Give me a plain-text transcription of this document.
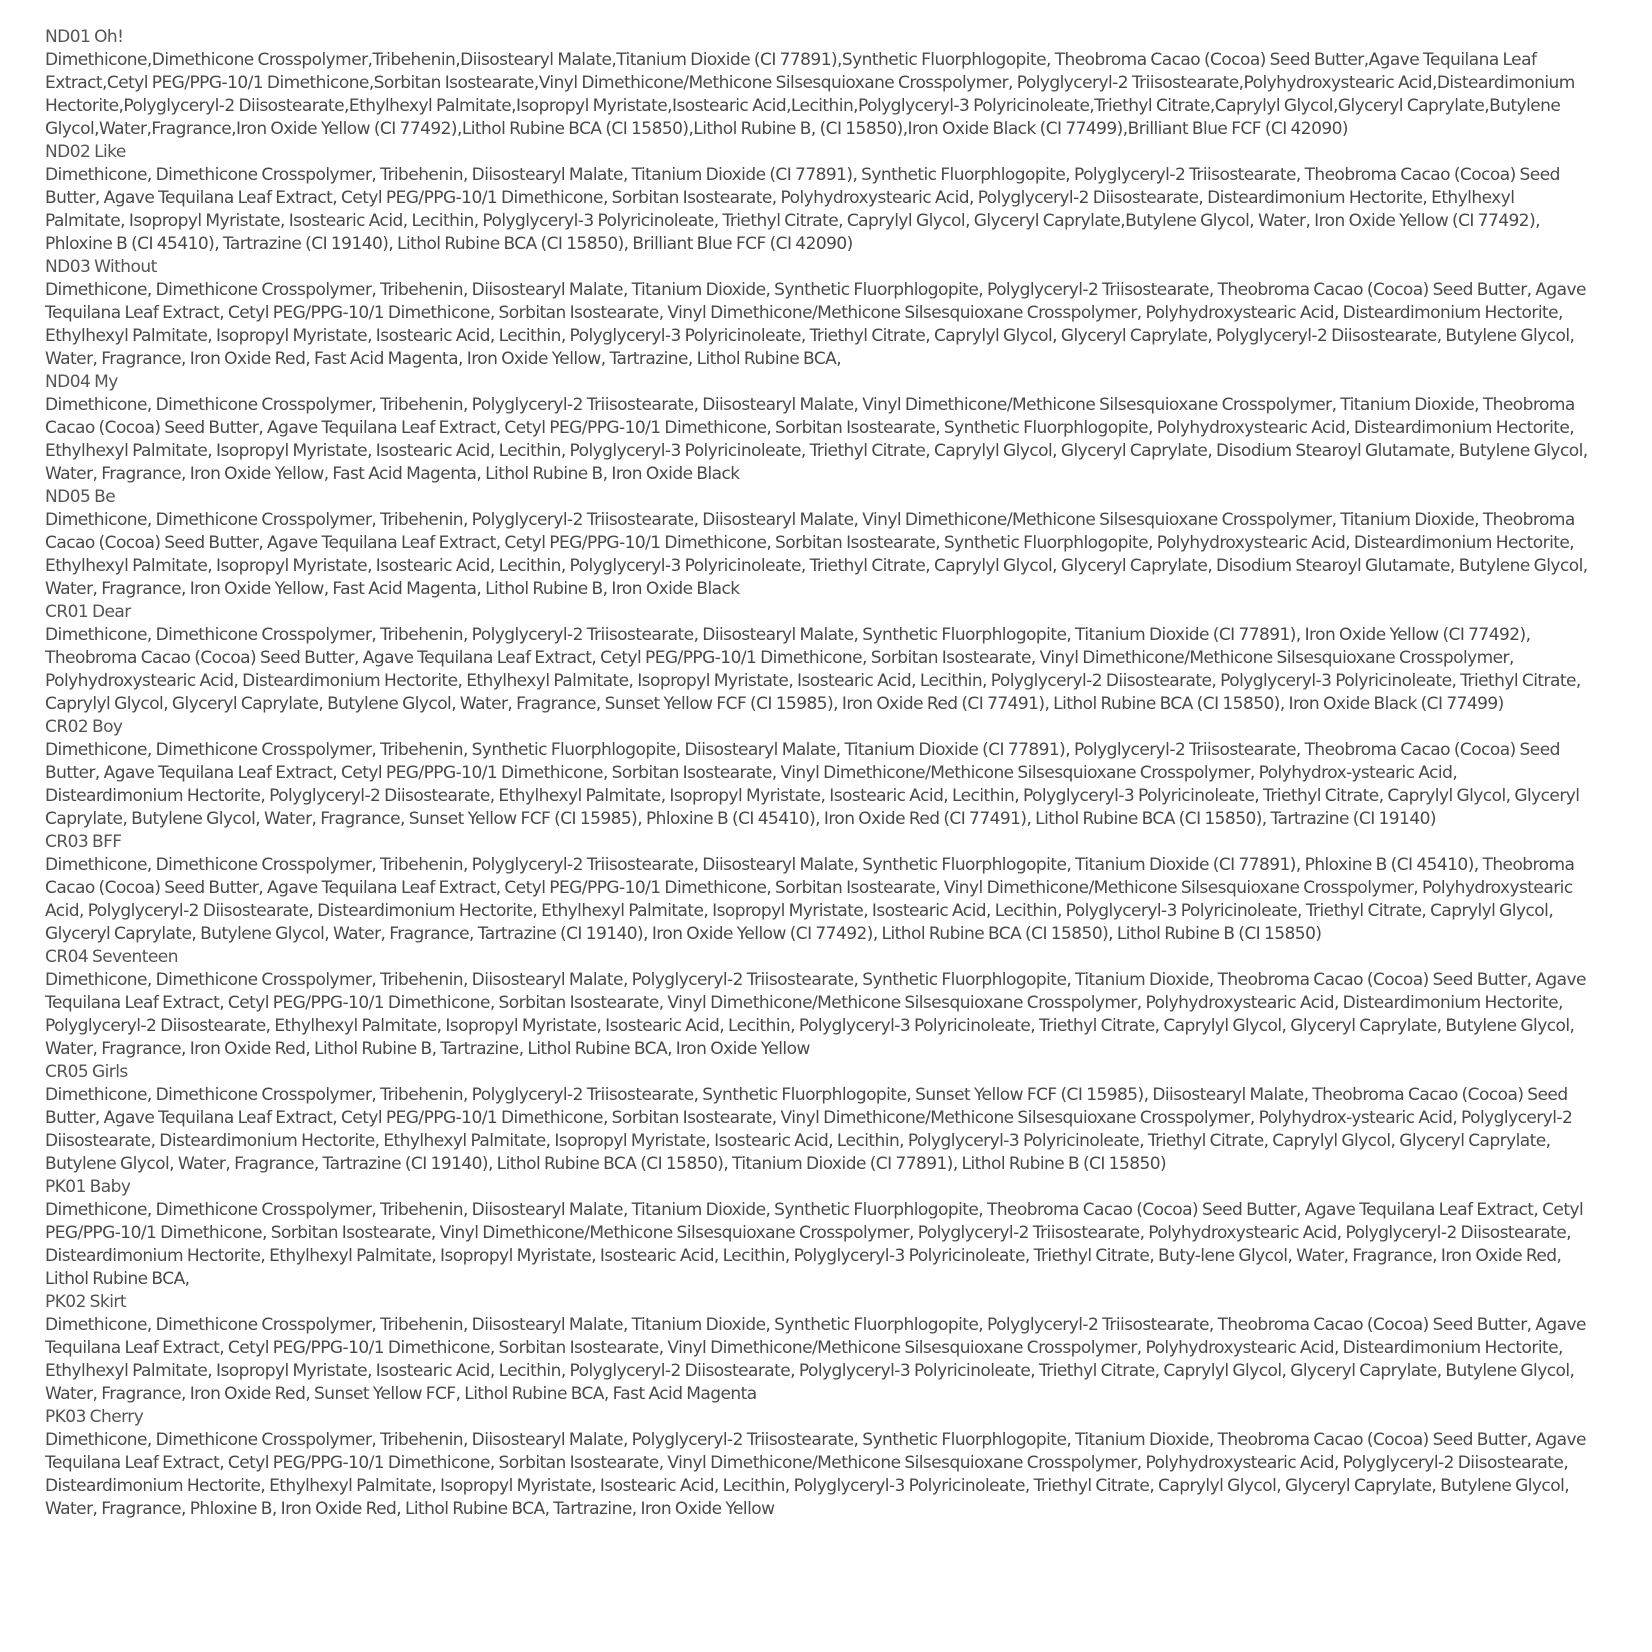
ND01 Oh!

Dimethicone,Dimethicone Crosspolymer,Tribehenin,Diisostearyl Malate,Titanium Dioxide (CI 77891),Synthetic Fluorphlogopite, Theobroma Cacao (Cocoa) Seed Butter,Agave Tequilana Leaf Extract,Cetyl PEG/PPG-10/1 Dimethicone,Sorbitan Isostearate,Vinyl Dimethicone/Methicone Silsesquioxane Crosspolymer, Polyglyceryl-2 Triisostearate,Polyhydroxystearic Acid,Disteardimonium Hectorite,Polyglyceryl-2 Diisostearate,Ethylhexyl Palmitate,Isopropyl Myristate,Isostearic Acid,Lecithin,Polyglyceryl-3 Polyricinoleate,Triethyl Citrate,Caprylyl Glycol,Glyceryl Caprylate,Butylene Glycol,Water,Fragrance,Iron Oxide Yellow (CI 77492),Lithol Rubine BCA (CI 15850),Lithol Rubine B, (CI 15850),Iron Oxide Black (CI 77499),Brilliant Blue FCF (CI 42090)

ND02 Like

Dimethicone, Dimethicone Crosspolymer, Tribehenin, Diisostearyl Malate, Titanium Dioxide (CI 77891), Synthetic Fluorphlogopite, Polyglyceryl-2 Triisostearate, Theobroma Cacao (Cocoa) Seed Butter, Agave Tequilana Leaf Extract, Cetyl PEG/PPG-10/1 Dimethicone, Sorbitan Isostearate, Polyhydroxystearic Acid, Polyglyceryl-2 Diisostearate, Disteardimonium Hectorite, Ethylhexyl Palmitate, Isopropyl Myristate, Isostearic Acid, Lecithin, Polyglyceryl-3 Polyricinoleate, Triethyl Citrate, Caprylyl Glycol, Glyceryl Caprylate,Butylene Glycol, Water, Iron Oxide Yellow (CI 77492), Phloxine B (CI 45410), Tartrazine (CI 19140), Lithol Rubine BCA (CI 15850), Brilliant Blue FCF (CI 42090)

ND03 Without

Dimethicone, Dimethicone Crosspolymer, Tribehenin, Diisostearyl Malate, Titanium Dioxide, Synthetic Fluorphlogopite, Polyglyceryl-2 Triisostearate, Theobroma Cacao (Cocoa) Seed Butter, Agave Tequilana Leaf Extract, Cetyl PEG/PPG-10/1 Dimethicone, Sorbitan Isostearate, Vinyl Dimethicone/Methicone Silsesquioxane Crosspolymer, Polyhydroxystearic Acid, Disteardimonium Hectorite, Ethylhexyl Palmitate, Isopropyl Myristate, Isostearic Acid, Lecithin, Polyglyceryl-3 Polyricinoleate, Triethyl Citrate, Caprylyl Glycol, Glyceryl Caprylate, Polyglyceryl-2 Diisostearate, Butylene Glycol, Water, Fragrance, Iron Oxide Red, Fast Acid Magenta, Iron Oxide Yellow, Tartrazine, Lithol Rubine BCA,

ND04 My

Dimethicone, Dimethicone Crosspolymer, Tribehenin, Polyglyceryl-2 Triisostearate, Diisostearyl Malate, Vinyl Dimethicone/Methicone Silsesquioxane Crosspolymer, Titanium Dioxide, Theobroma Cacao (Cocoa) Seed Butter, Agave Tequilana Leaf Extract, Cetyl PEG/PPG-10/1 Dimethicone, Sorbitan Isostearate, Synthetic Fluorphlogopite, Polyhydroxystearic Acid, Disteardimonium Hectorite, Ethylhexyl Palmitate, Isopropyl Myristate, Isostearic Acid, Lecithin, Polyglyceryl-3 Polyricinoleate, Triethyl Citrate, Caprylyl Glycol, Glyceryl Caprylate, Disodium Stearoyl Glutamate, Butylene Glycol, Water, Fragrance, Iron Oxide Yellow, Fast Acid Magenta, Lithol Rubine B, Iron Oxide Black

ND05 Be

Dimethicone, Dimethicone Crosspolymer, Tribehenin, Polyglyceryl-2 Triisostearate, Diisostearyl Malate, Vinyl Dimethicone/Methicone Silsesquioxane Crosspolymer, Titanium Dioxide, Theobroma Cacao (Cocoa) Seed Butter, Agave Tequilana Leaf Extract, Cetyl PEG/PPG-10/1 Dimethicone, Sorbitan Isostearate, Synthetic Fluorphlogopite, Polyhydroxystearic Acid, Disteardimonium Hectorite, Ethylhexyl Palmitate, Isopropyl Myristate, Isostearic Acid, Lecithin, Polyglyceryl-3 Polyricinoleate, Triethyl Citrate, Caprylyl Glycol, Glyceryl Caprylate, Disodium Stearoyl Glutamate, Butylene Glycol, Water, Fragrance, Iron Oxide Yellow, Fast Acid Magenta, Lithol Rubine B, Iron Oxide Black

CR01 Dear

Dimethicone, Dimethicone Crosspolymer, Tribehenin, Polyglyceryl-2 Triisostearate, Diisostearyl Malate, Synthetic Fluorphlogopite, Titanium Dioxide (CI 77891), Iron Oxide Yellow (CI 77492), Theobroma Cacao (Cocoa) Seed Butter, Agave Tequilana Leaf Extract, Cetyl PEG/PPG-10/1 Dimethicone, Sorbitan Isostearate, Vinyl Dimethicone/Methicone Silsesquioxane Crosspolymer, Polyhydroxystearic Acid, Disteardimonium Hectorite, Ethylhexyl Palmitate, Isopropyl Myristate, Isostearic Acid, Lecithin, Polyglyceryl-2 Diisostearate, Polyglyceryl-3 Polyricinoleate, Triethyl Citrate, Caprylyl Glycol, Glyceryl Caprylate, Butylene Glycol, Water, Fragrance, Sunset Yellow FCF (CI 15985), Iron Oxide Red (CI 77491), Lithol Rubine BCA (CI 15850), Iron Oxide Black (CI 77499)

CR02 Boy

Dimethicone, Dimethicone Crosspolymer, Tribehenin, Synthetic Fluorphlogopite, Diisostearyl Malate, Titanium Dioxide (CI 77891), Polyglyceryl-2 Triisostearate, Theobroma Cacao (Cocoa) Seed Butter, Agave Tequilana Leaf Extract, Cetyl PEG/PPG-10/1 Dimethicone, Sorbitan Isostearate, Vinyl Dimethicone/Methicone Silsesquioxane Crosspolymer, Polyhydrox-ystearic Acid, Disteardimonium Hectorite, Polyglyceryl-2 Diisostearate, Ethylhexyl Palmitate, Isopropyl Myristate, Isostearic Acid, Lecithin, Polyglyceryl-3 Polyricinoleate, Triethyl Citrate, Caprylyl Glycol, Glyceryl Caprylate, Butylene Glycol, Water, Fragrance, Sunset Yellow FCF (CI 15985), Phloxine B (CI 45410), Iron Oxide Red (CI 77491), Lithol Rubine BCA (CI 15850), Tartrazine (CI 19140)

CR03 BFF

Dimethicone, Dimethicone Crosspolymer, Tribehenin, Polyglyceryl-2 Triisostearate, Diisostearyl Malate, Synthetic Fluorphlogopite, Titanium Dioxide (CI 77891), Phloxine B (CI 45410), Theobroma Cacao (Cocoa) Seed Butter, Agave Tequilana Leaf Extract, Cetyl PEG/PPG-10/1 Dimethicone, Sorbitan Isostearate, Vinyl Dimethicone/Methicone Silsesquioxane Crosspolymer, Polyhydroxystearic Acid, Polyglyceryl-2 Diisostearate, Disteardimonium Hectorite, Ethylhexyl Palmitate, Isopropyl Myristate, Isostearic Acid, Lecithin, Polyglyceryl-3 Polyricinoleate, Triethyl Citrate, Caprylyl Glycol, Glyceryl Caprylate, Butylene Glycol, Water, Fragrance, Tartrazine (CI 19140), Iron Oxide Yellow (CI 77492), Lithol Rubine BCA (CI 15850), Lithol Rubine B (CI 15850)

CR04 Seventeen

Dimethicone, Dimethicone Crosspolymer, Tribehenin, Diisostearyl Malate, Polyglyceryl-2 Triisostearate, Synthetic Fluorphlogopite, Titanium Dioxide, Theobroma Cacao (Cocoa) Seed Butter, Agave Tequilana Leaf Extract, Cetyl PEG/PPG-10/1 Dimethicone, Sorbitan Isostearate, Vinyl Dimethicone/Methicone Silsesquioxane Crosspolymer, Polyhydroxystearic Acid, Disteardimonium Hectorite, Polyglyceryl-2 Diisostearate, Ethylhexyl Palmitate, Isopropyl Myristate, Isostearic Acid, Lecithin, Polyglyceryl-3 Polyricinoleate, Triethyl Citrate, Caprylyl Glycol, Glyceryl Caprylate, Butylene Glycol, Water, Fragrance, Iron Oxide Red, Lithol Rubine B, Tartrazine, Lithol Rubine BCA, Iron Oxide Yellow

CR05 Girls

Dimethicone, Dimethicone Crosspolymer, Tribehenin, Polyglyceryl-2 Triisostearate, Synthetic Fluorphlogopite, Sunset Yellow FCF (CI 15985), Diisostearyl Malate, Theobroma Cacao (Cocoa) Seed Butter, Agave Tequilana Leaf Extract, Cetyl PEG/PPG-10/1 Dimethicone, Sorbitan Isostearate, Vinyl Dimethicone/Methicone Silsesquioxane Crosspolymer, Polyhydrox-ystearic Acid, Polyglyceryl-2 Diisostearate, Disteardimonium Hectorite, Ethylhexyl Palmitate, Isopropyl Myristate, Isostearic Acid, Lecithin, Polyglyceryl-3 Polyricinoleate, Triethyl Citrate, Caprylyl Glycol, Glyceryl Caprylate, Butylene Glycol, Water, Fragrance, Tartrazine (CI 19140), Lithol Rubine BCA (CI 15850), Titanium Dioxide (CI 77891), Lithol Rubine B (CI 15850)

PK01 Baby

Dimethicone, Dimethicone Crosspolymer, Tribehenin, Diisostearyl Malate, Titanium Dioxide, Synthetic Fluorphlogopite, Theobroma Cacao (Cocoa) Seed Butter, Agave Tequilana Leaf Extract, Cetyl PEG/PPG-10/1 Dimethicone, Sorbitan Isostearate, Vinyl Dimethicone/Methicone Silsesquioxane Crosspolymer, Polyglyceryl-2 Triisostearate, Polyhydroxystearic Acid, Polyglyceryl-2 Diisostearate, Disteardimonium Hectorite, Ethylhexyl Palmitate, Isopropyl Myristate, Isostearic Acid, Lecithin, Polyglyceryl-3 Polyricinoleate, Triethyl Citrate, Buty-lene Glycol, Water, Fragrance, Iron Oxide Red, Lithol Rubine BCA,

PK02 Skirt

Dimethicone, Dimethicone Crosspolymer, Tribehenin, Diisostearyl Malate, Titanium Dioxide, Synthetic Fluorphlogopite, Polyglyceryl-2 Triisostearate, Theobroma Cacao (Cocoa) Seed Butter, Agave Tequilana Leaf Extract, Cetyl PEG/PPG-10/1 Dimethicone, Sorbitan Isostearate, Vinyl Dimethicone/Methicone Silsesquioxane Crosspolymer, Polyhydroxystearic Acid, Disteardimonium Hectorite, Ethylhexyl Palmitate, Isopropyl Myristate, Isostearic Acid, Lecithin, Polyglyceryl-2 Diisostearate, Polyglyceryl-3 Polyricinoleate, Triethyl Citrate, Caprylyl Glycol, Glyceryl Caprylate, Butylene Glycol, Water, Fragrance, Iron Oxide Red, Sunset Yellow FCF, Lithol Rubine BCA, Fast Acid Magenta

PK03 Cherry

Dimethicone, Dimethicone Crosspolymer, Tribehenin, Diisostearyl Malate, Polyglyceryl-2 Triisostearate, Synthetic Fluorphlogopite, Titanium Dioxide, Theobroma Cacao (Cocoa) Seed Butter, Agave Tequilana Leaf Extract, Cetyl PEG/PPG-10/1 Dimethicone, Sorbitan Isostearate, Vinyl Dimethicone/Methicone Silsesquioxane Crosspolymer, Polyhydroxystearic Acid, Polyglyceryl-2 Diisostearate, Disteardimonium Hectorite, Ethylhexyl Palmitate, Isopropyl Myristate, Isostearic Acid, Lecithin, Polyglyceryl-3 Polyricinoleate, Triethyl Citrate, Caprylyl Glycol, Glyceryl Caprylate, Butylene Glycol, Water, Fragrance, Phloxine B, Iron Oxide Red, Lithol Rubine BCA, Tartrazine, Iron Oxide Yellow
